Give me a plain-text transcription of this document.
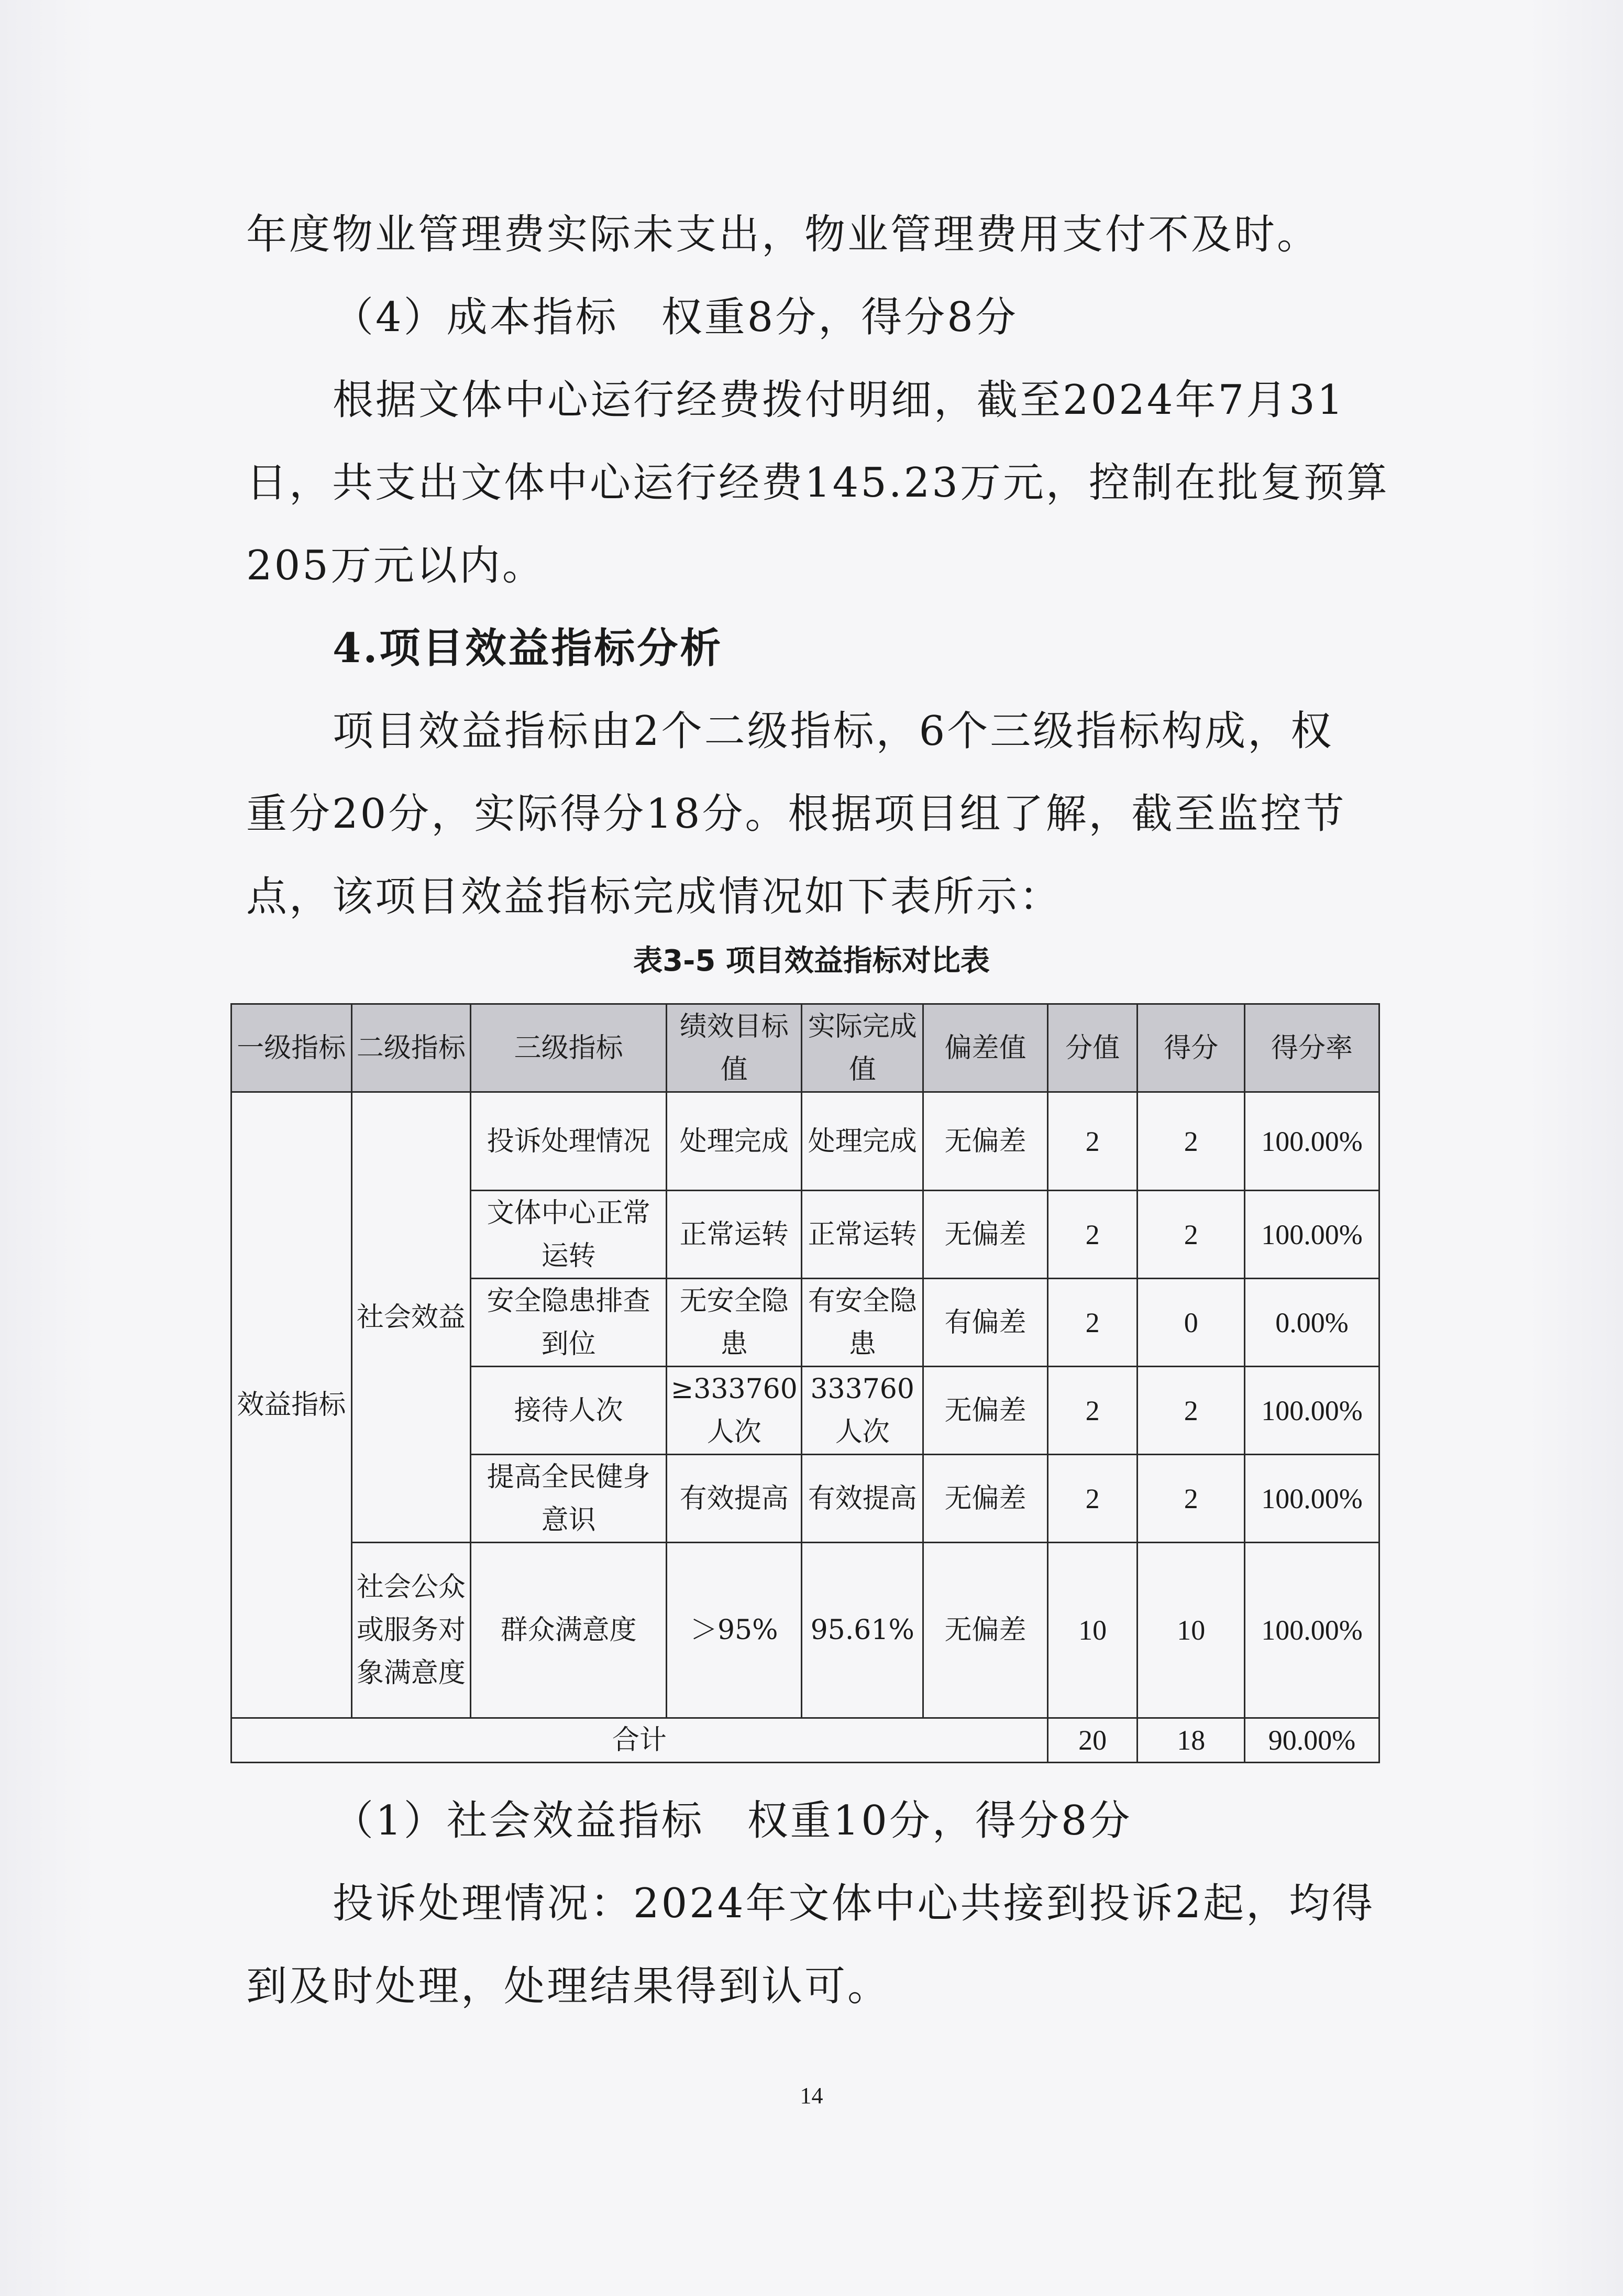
年度物业管理费实际未支出，物业管理费用支付不及时。
（4）成本指标　权重8分，得分8分
根据文体中心运行经费拨付明细，截至2024年7月31
日，共支出文体中心运行经费145.23万元，控制在批复预算
205万元以内。
4.项目效益指标分析
项目效益指标由2个二级指标，6个三级指标构成，权
重分20分，实际得分18分。根据项目组了解，截至监控节
点，该项目效益指标完成情况如下表所示：
表3-5 项目效益指标对比表
一级指标	二级指标	三级指标	绩效目标值	实际完成值	偏差值	分值	得分	得分率
效益指标	社会效益	投诉处理情况	处理完成	处理完成	无偏差	2	2	100.00%
		文体中心正常运转	正常运转	正常运转	无偏差	2	2	100.00%
		安全隐患排查到位	无安全隐患	有安全隐患	有偏差	2	0	0.00%
		接待人次	≥333760人次	333760人次	无偏差	2	2	100.00%
		提高全民健身意识	有效提高	有效提高	无偏差	2	2	100.00%
	社会公众或服务对象满意度	群众满意度	＞95%	95.61%	无偏差	10	10	100.00%
合计						20	18	90.00%
（1）社会效益指标　权重10分，得分8分
投诉处理情况：2024年文体中心共接到投诉2起，均得
到及时处理，处理结果得到认可。
14
